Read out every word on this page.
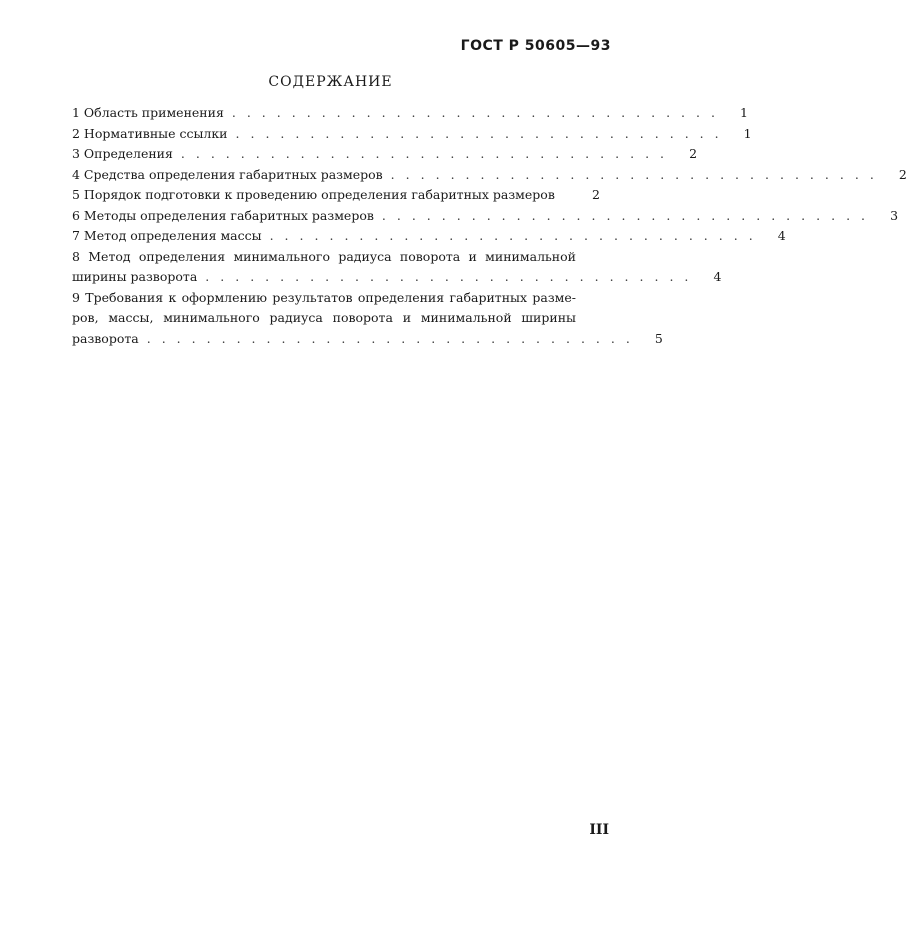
ГОСТ Р 50605—93
СОДЕРЖАНИЕ
1 Область применения .................................	1
2 Нормативные ссылки .................................	1
3 Определения .................................	2
4 Средства определения габаритных размеров .................................	2
5 Порядок подготовки к проведению определения габаритных размеров	2
6 Методы определения габаритных размеров .................................	3
7 Метод определения массы .................................	4
8 Метод определения минимального радиуса поворота и минимальной
ширины разворота .................................	4
9 Требования к оформлению результатов определения габаритных разме-
ров, массы, минимального радиуса поворота и минимальной ширины
разворота .................................	5
III
